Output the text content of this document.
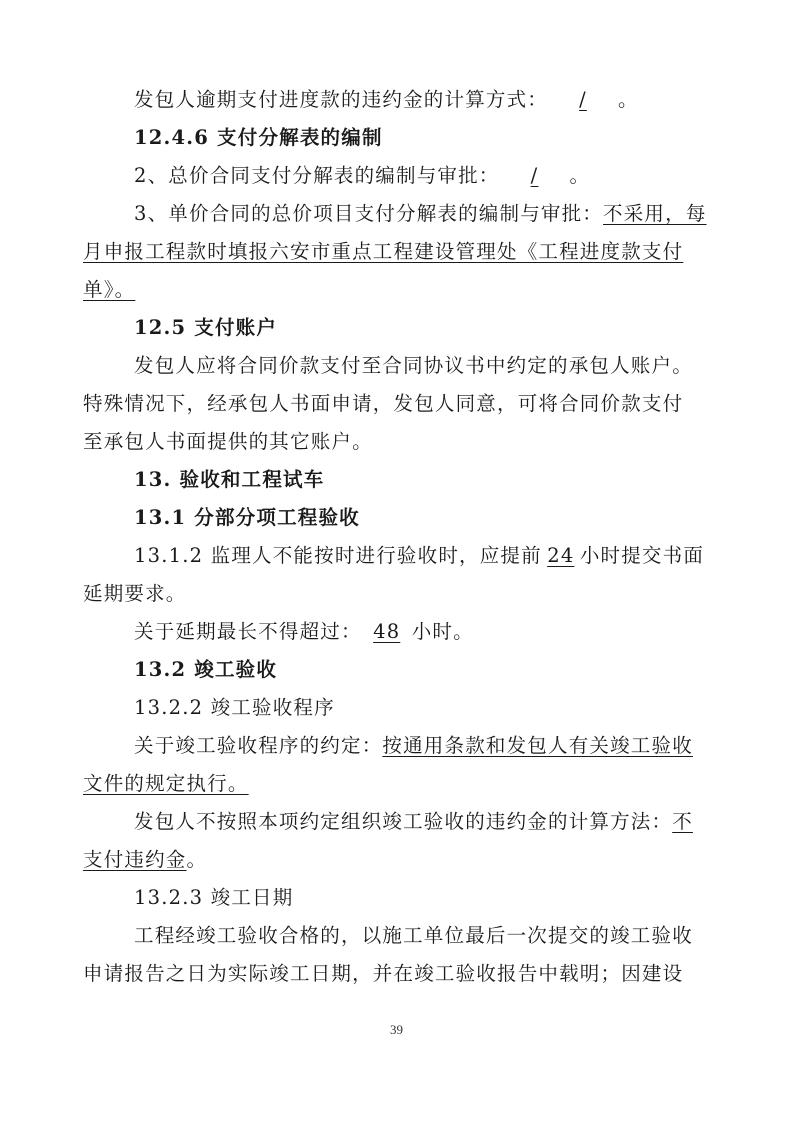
发包人逾期支付进度款的违约金的计算方式： / 。
12.4.6 支付分解表的编制
2、总价合同支付分解表的编制与审批： / 。
3、单价合同的总价项目支付分解表的编制与审批：不采用，每
月申报工程款时填报六安市重点工程建设管理处《工程进度款支付
单》。
12.5 支付账户
发包人应将合同价款支付至合同协议书中约定的承包人账户。
特殊情况下，经承包人书面申请，发包人同意，可将合同价款支付
至承包人书面提供的其它账户。
13. 验收和工程试车
13.1 分部分项工程验收
13.1.2 监理人不能按时进行验收时，应提前 24 小时提交书面
延期要求。
关于延期最长不得超过： 48 小时。
13.2 竣工验收
13.2.2 竣工验收程序
关于竣工验收程序的约定：按通用条款和发包人有关竣工验收
文件的规定执行。
发包人不按照本项约定组织竣工验收的违约金的计算方法：不
支付违约金。
13.2.3 竣工日期
工程经竣工验收合格的，以施工单位最后一次提交的竣工验收
申请报告之日为实际竣工日期，并在竣工验收报告中载明；因建设
39
